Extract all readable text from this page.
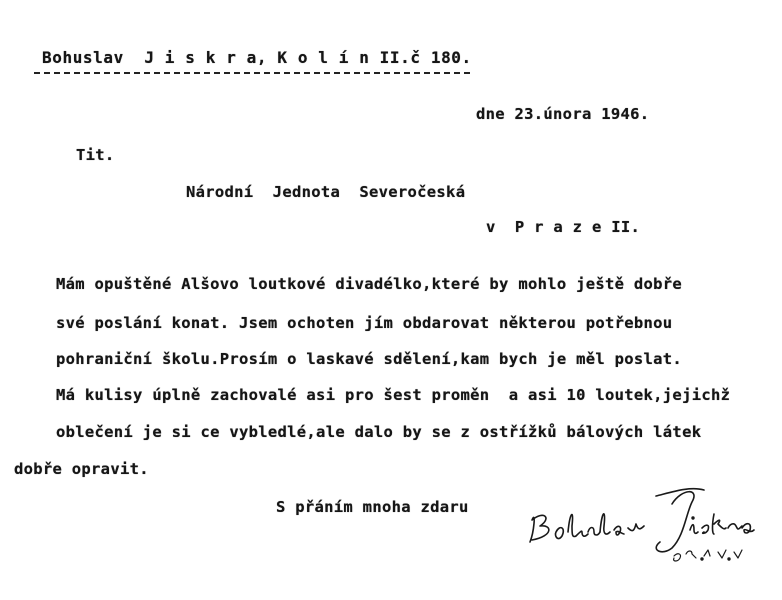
Bohuslav  J i s k r a, K o l í n II.č 180.
dne 23.února 1946.
Tit.
Národní  Jednota  Severočeská
v  P r a z e II.
Mám opuštěné Alšovo loutkové divadélko,které by mohlo ještě dobře
své poslání konat. Jsem ochoten jím obdarovat některou potřebnou
pohraniční školu.Prosím o laskavé sdělení,kam bych je měl poslat.
Má kulisy úplně zachovalé asi pro šest proměn  a asi 10 loutek,jejichž
oblečení je si ce vybledlé,ale dalo by se z ostřížků bálových látek
dobře opravit.
S přáním mnoha zdaru
